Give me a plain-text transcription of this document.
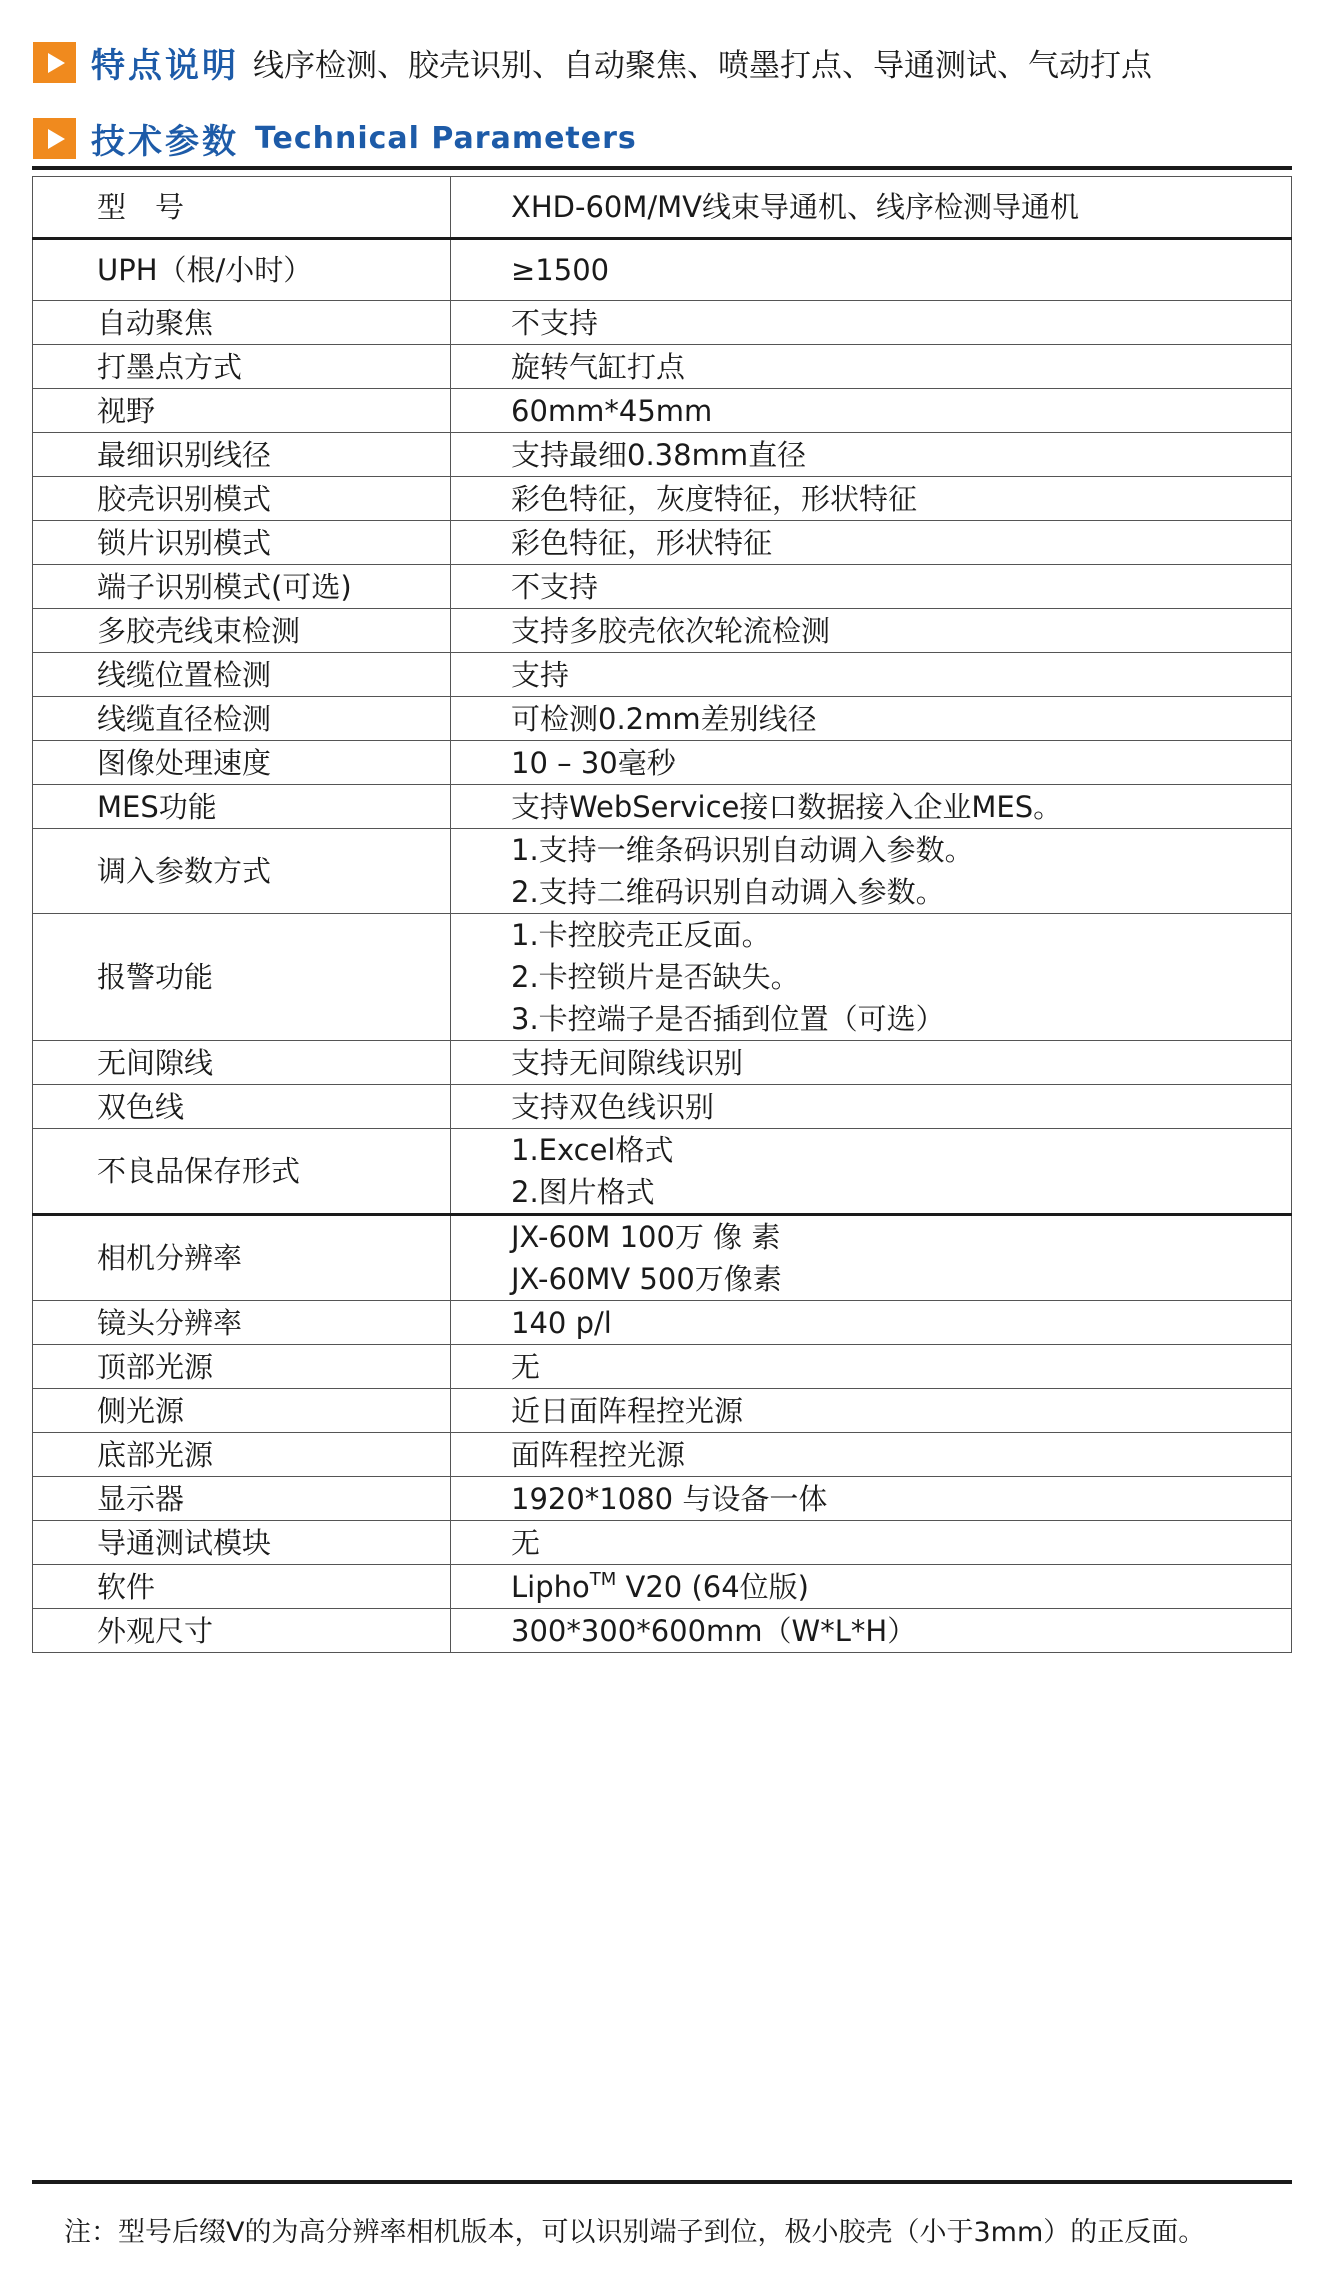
特点说明 线序检测、胶壳识别、自动聚焦、喷墨打点、导通测试、气动打点
技术参数 Technical Parameters
型　号	XHD-60M/MV线束导通机、线序检测导通机
UPH（根/小时）	≥1500

自动聚焦	不支持

打墨点方式	旋转气缸打点

视野	60mm*45mm

最细识别线径	支持最细0.38mm直径

胶壳识别模式	彩色特征，灰度特征，形状特征

锁片识别模式	彩色特征，形状特征

端子识别模式(可选)	不支持

多胶壳线束检测	支持多胶壳依次轮流检测

线缆位置检测	支持

线缆直径检测	可检测0.2mm差别线径

图像处理速度	10 – 30毫秒

MES功能	支持WebService接口数据接入企业MES。

调入参数方式	1.支持一维条码识别自动调入参数。
2.支持二维码识别自动调入参数。

报警功能	1.卡控胶壳正反面。
2.卡控锁片是否缺失。
3.卡控端子是否插到位置（可选）

无间隙线	支持无间隙线识别

双色线	支持双色线识别

不良品保存形式	1.Excel格式
2.图片格式

相机分辨率	JX-60M 100万 像 素
JX-60MV 500万像素

镜头分辨率	140 p/l

顶部光源	无

侧光源	近日面阵程控光源

底部光源	面阵程控光源

显示器	1920*1080 与设备一体

导通测试模块	无

软件	Lipho™ V20 (64位版)
外观尺寸	300*300*600mm（W*L*H）
注：型号后缀V的为高分辨率相机版本，可以识别端子到位，极小胶壳（小于3mm）的正反面。
